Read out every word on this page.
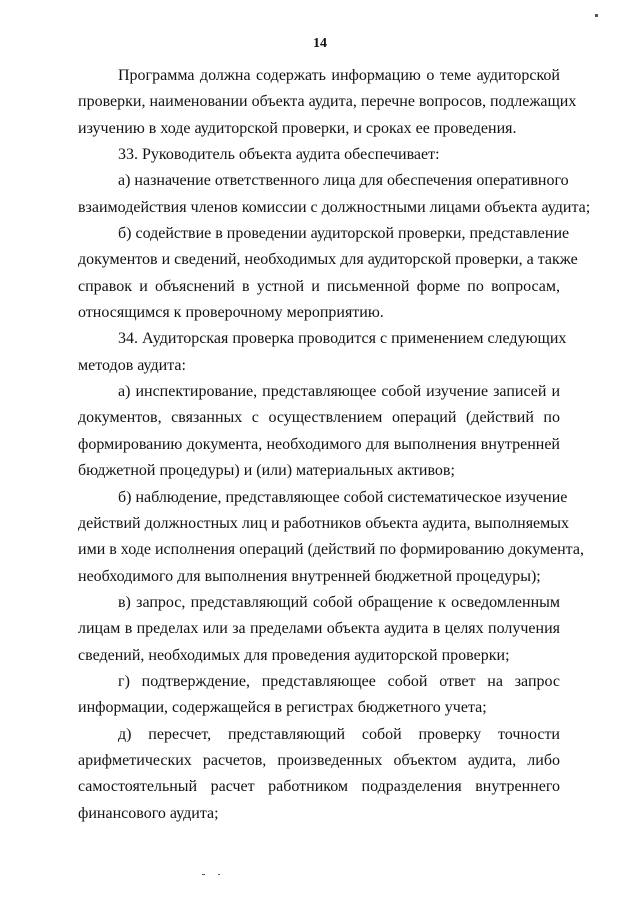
14
Программа должна содержать информацию о теме аудиторской
проверки, наименовании объекта аудита, перечне вопросов, подлежащих
изучению в ходе аудиторской проверки, и сроках ее проведения.
33. Руководитель объекта аудита обеспечивает:
а) назначение ответственного лица для обеспечения оперативного
взаимодействия членов комиссии с должностными лицами объекта аудита;
б) содействие в проведении аудиторской проверки, представление
документов и сведений, необходимых для аудиторской проверки, а также
справок и объяснений в устной и письменной форме по вопросам,
относящимся к проверочному мероприятию.
34. Аудиторская проверка проводится с применением следующих
методов аудита:
а) инспектирование, представляющее собой изучение записей и
документов, связанных с осуществлением операций (действий по
формированию документа, необходимого для выполнения внутренней
бюджетной процедуры) и (или) материальных активов;
б) наблюдение, представляющее собой систематическое изучение
действий должностных лиц и работников объекта аудита, выполняемых
ими в ходе исполнения операций (действий по формированию документа,
необходимого для выполнения внутренней бюджетной процедуры);
в) запрос, представляющий собой обращение к осведомленным
лицам в пределах или за пределами объекта аудита в целях получения
сведений, необходимых для проведения аудиторской проверки;
г) подтверждение, представляющее собой ответ на запрос
информации, содержащейся в регистрах бюджетного учета;
д) пересчет, представляющий собой проверку точности
арифметических расчетов, произведенных объектом аудита, либо
самостоятельный расчет работником подразделения внутреннего
финансового аудита;
